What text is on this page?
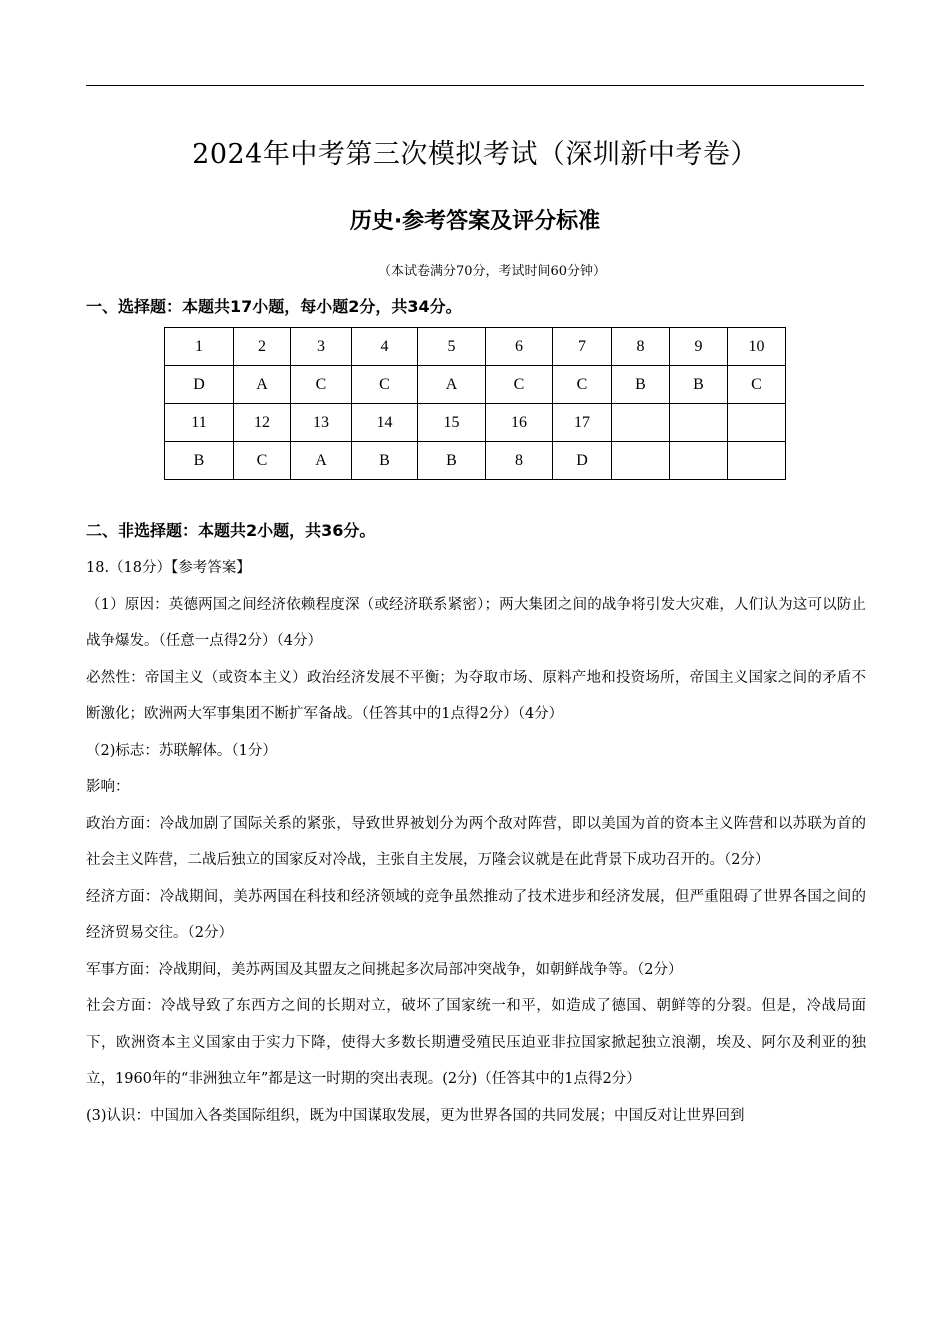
2024年中考第三次模拟考试（深圳新中考卷）
历史·参考答案及评分标准
（本试卷满分70分，考试时间60分钟）
一、选择题：本题共17小题，每小题2分，共34分。
1	2	3	4	5	6	7	8	9	10
D	A	C	C	A	C	C	B	B	C
11	12	13	14	15	16	17			
B	C	A	B	B	8	D			
二、非选择题：本题共2小题，共36分。

18.（18分）【参考答案】

（1）原因：英德两国之间经济依赖程度深（或经济联系紧密）；两大集团之间的战争将引发大灾难，人们认为这可以防止战争爆发。（任意一点得2分）（4分）

必然性：帝国主义（或资本主义）政治经济发展不平衡；为夺取市场、原料产地和投资场所，帝国主义国家之间的矛盾不断激化；欧洲两大军事集团不断扩军备战。（任答其中的1点得2分）（4分）

（2)标志：苏联解体。（1分）

影响：

政治方面：冷战加剧了国际关系的紧张，导致世界被划分为两个敌对阵营，即以美国为首的资本主义阵营和以苏联为首的社会主义阵营，二战后独立的国家反对冷战，主张自主发展，万隆会议就是在此背景下成功召开的。（2分）

经济方面：冷战期间，美苏两国在科技和经济领域的竞争虽然推动了技术进步和经济发展，但严重阻碍了世界各国之间的经济贸易交往。（2分）

军事方面：冷战期间，美苏两国及其盟友之间挑起多次局部冲突战争，如朝鲜战争等。（2分）

社会方面：冷战导致了东西方之间的长期对立，破坏了国家统一和平，如造成了德国、朝鲜等的分裂。但是，冷战局面下，欧洲资本主义国家由于实力下降，使得大多数长期遭受殖民压迫亚非拉国家掀起独立浪潮，埃及、阿尔及利亚的独立，1960年的“非洲独立年”都是这一时期的突出表现。(2分)（任答其中的1点得2分）

(3)认识：中国加入各类国际组织，既为中国谋取发展，更为世界各国的共同发展；中国反对让世界回到
